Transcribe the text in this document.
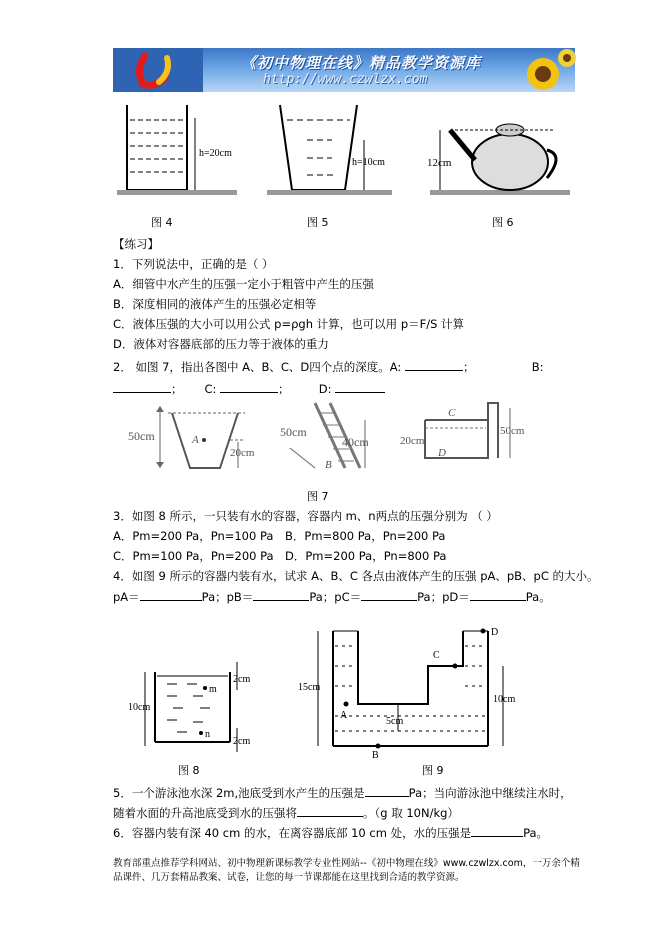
《初中物理在线》精品教学资源库
http://www.czwlzx.com
h=20cm
图 4
h=10cm
图 5
12cm
图 6
【练习】
1．下列说法中，正确的是（ ）
A．细管中水产生的压强一定小于粗管中产生的压强
B．深度相同的液体产生的压强必定相等
C．液体压强的大小可以用公式 p=ρgh 计算，也可以用 p＝F/S 计算
D．液体对容器底部的压力等于液体的重力
2． 如图 7，指出各图中 A、B、C、D四个点的深度。A:	；	B:
；      C:	；        D:
50cm	A
20cm
50cm
40cm
B
20cm
C
D
50cm
图 7
3．如图 8 所示，一只装有水的容器，容器内 m、n两点的压强分别为 （ ）
A．Pm=200 Pa，Pn=100 Pa B．Pm=800 Pa，Pn=200 Pa
C．Pm=100 Pa，Pn=200 Pa D．Pm=200 Pa，Pn=800 Pa
4．如图 9 所示的容器内装有水，试求 A、B、C 各点由液体产生的压强 pA、pB、pC 的大小。
pA＝	Pa；pB＝	Pa；pC＝	Pa；pD＝	Pa。
m
n
10cm
2cm
2cm
图 8
15cm
10cm
5cm
A
B
C
D
图 9
5．一个游泳池水深 2m,池底受到水产生的压强是	Pa；当向游泳池中继续注水时，
随着水面的升高池底受到水的压强将	。（g 取 10N/kg）
6．容器内装有深 40 cm 的水，在离容器底部 10 cm 处，水的压强是	Pa。
教育部重点推荐学科网站、初中物理新课标教学专业性网站--《初中物理在线》www.czwlzx.com，一万余个精品课件、几万套精品教案、试卷，让您的每一节课都能在这里找到合适的教学资源。
